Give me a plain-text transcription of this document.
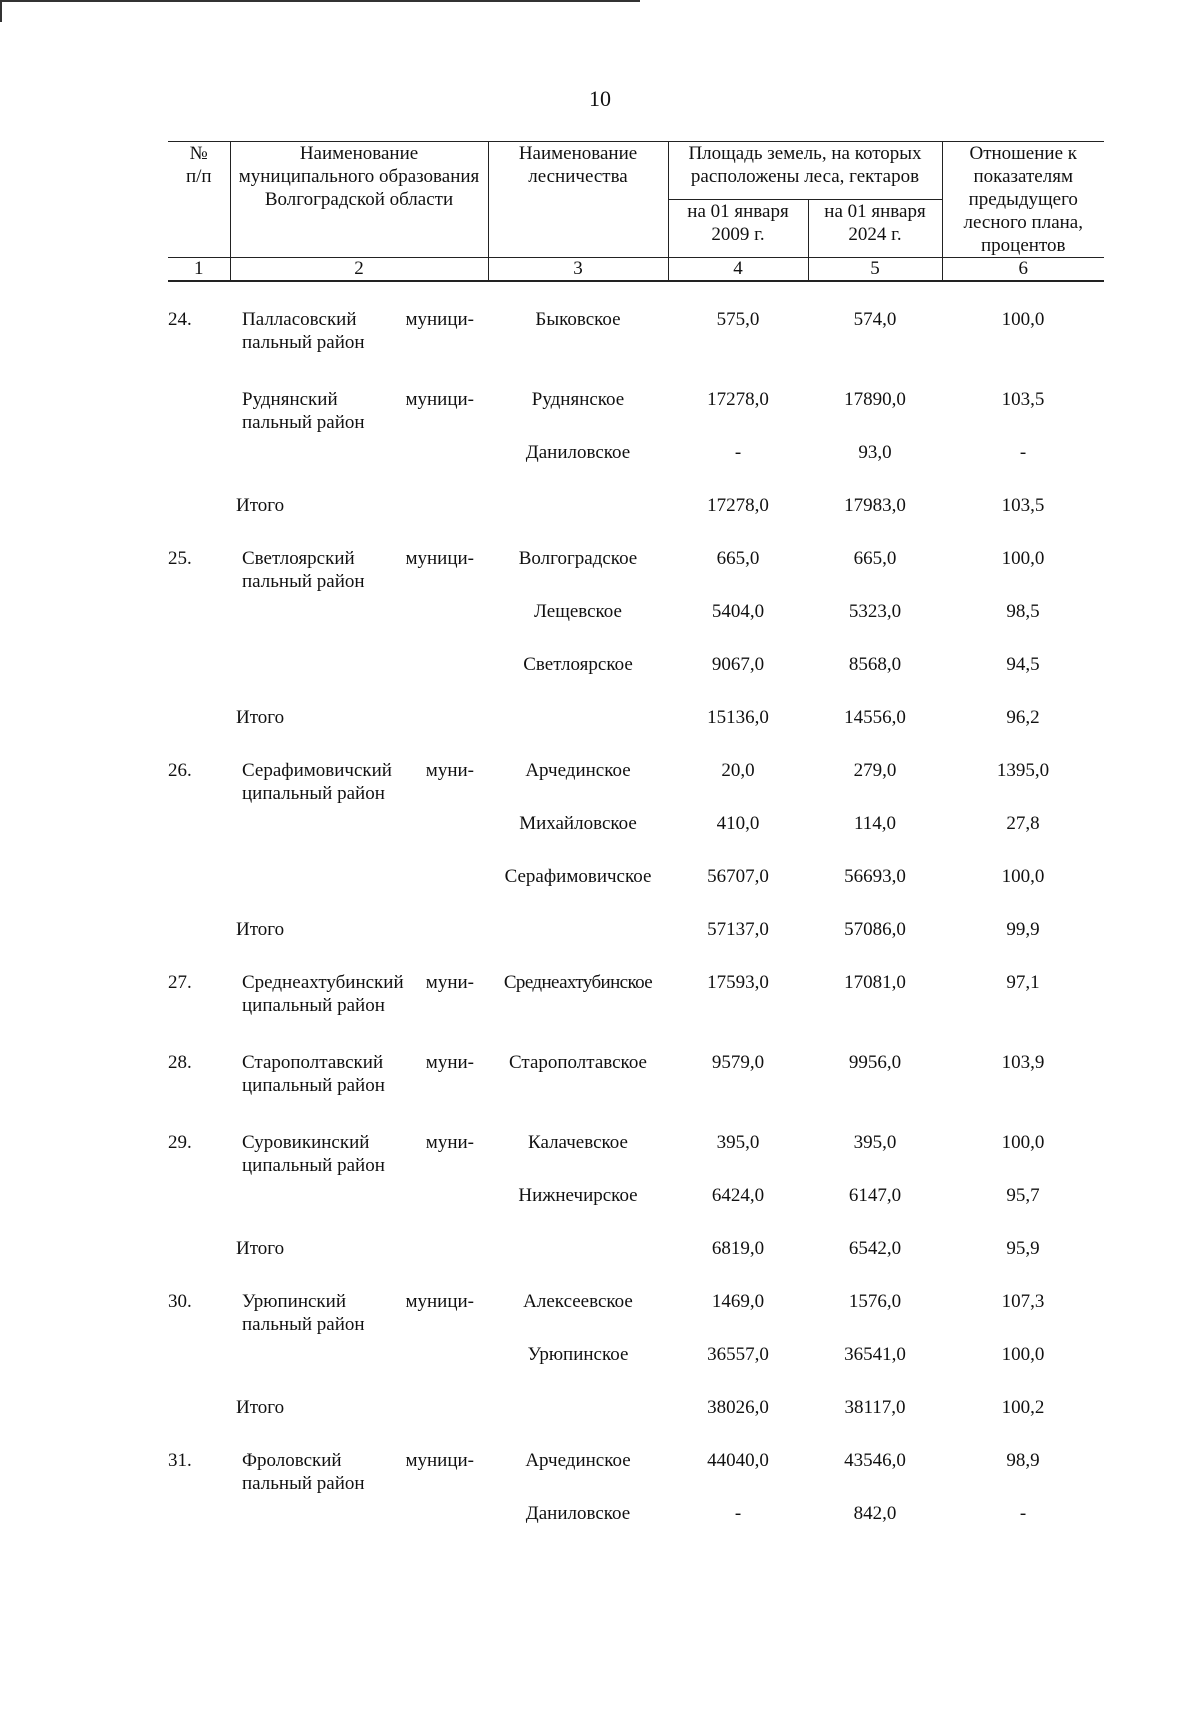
10
№
п/п	Наименование муниципального образования Волгоградской области	Наименование лесничества	Площадь земель, на которых расположены леса, гектаров		Отношение к показателям предыдущего лесного плана, процентов
			на 01 января 2009 г.	на 01 января 2024 г.	
1	2	3	4	5	6
24.	Палласовский муници-пальный район	Быковское	575,0	574,0	100,0

	Руднянский муници-пальный район	Руднянское	17278,0	17890,0	103,5
		Даниловское	-	93,0	-
	Итого		17278,0	17983,0	103,5
25.	Светлоярский муници-пальный район	Волгоградское	665,0	665,0	100,0
		Лещевское	5404,0	5323,0	98,5
		Светлоярское	9067,0	8568,0	94,5
	Итого		15136,0	14556,0	96,2
26.	Серафимовичский муни-ципальный район	Арчединское	20,0	279,0	1395,0
		Михайловское	410,0	114,0	27,8
		Серафимовичское	56707,0	56693,0	100,0
	Итого		57137,0	57086,0	99,9
27.	Среднеахтубинский муни-ципальный район	Среднеахтубинское	17593,0	17081,0	97,1

28.	Старополтавский муни-ципальный район	Старополтавское	9579,0	9956,0	103,9

29.	Суровикинский муни-ципальный район	Калачевское	395,0	395,0	100,0
		Нижнечирское	6424,0	6147,0	95,7
	Итого		6819,0	6542,0	95,9
30.	Урюпинский муници-пальный район	Алексеевское	1469,0	1576,0	107,3
		Урюпинское	36557,0	36541,0	100,0
	Итого		38026,0	38117,0	100,2
31.	Фроловский муници-пальный район	Арчединское	44040,0	43546,0	98,9
		Даниловское	-	842,0	-
